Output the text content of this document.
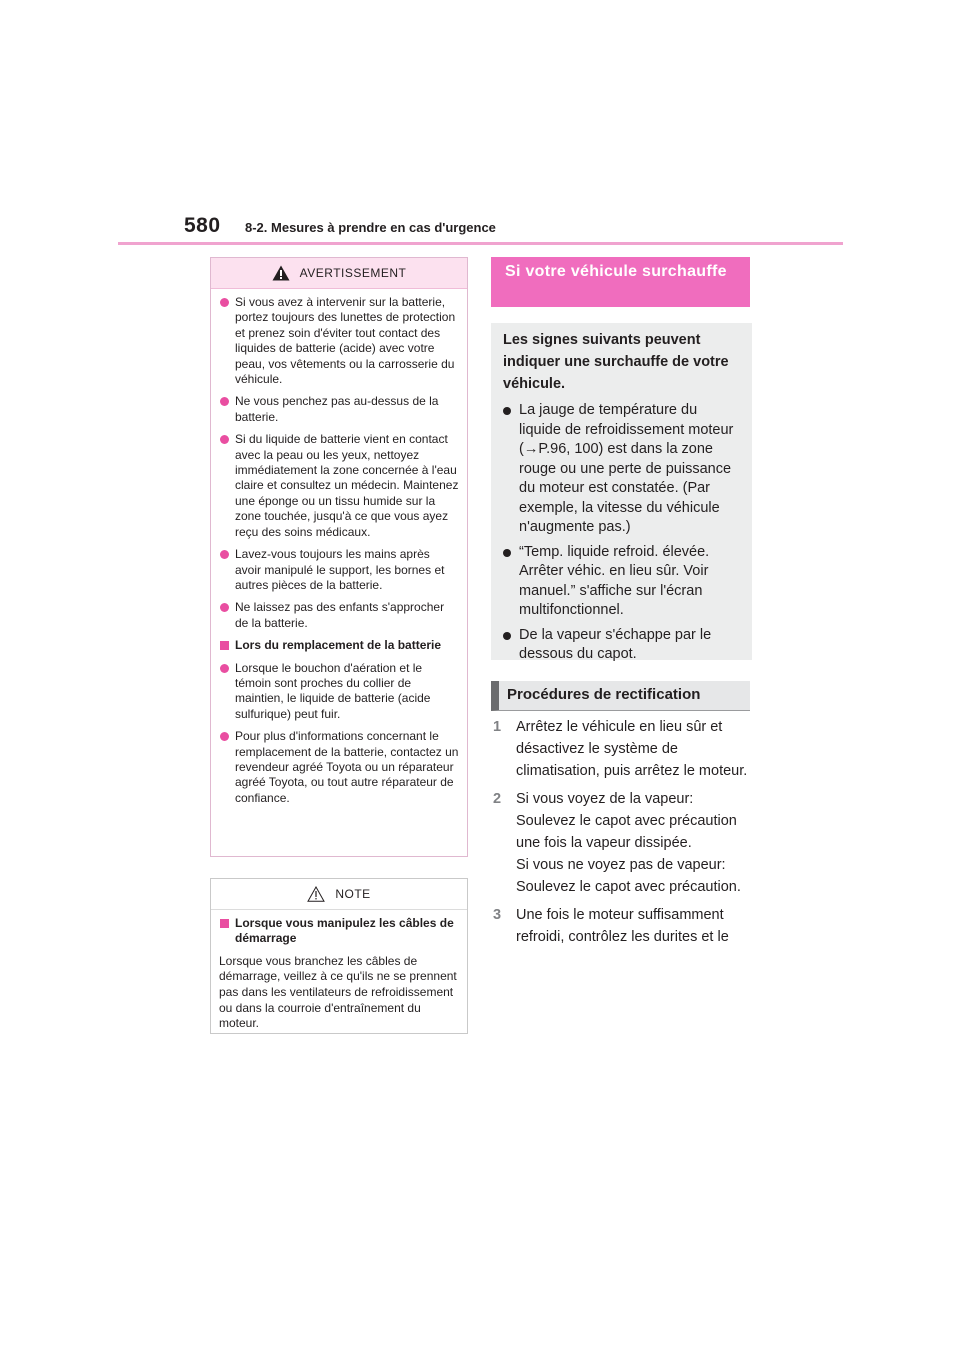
580 8-2. Mesures à prendre en cas d'urgence
AVERTISSEMENT
Si vous avez à intervenir sur la batterie, portez toujours des lunettes de protection et prenez soin d'éviter tout contact des liquides de batterie (acide) avec votre peau, vos vêtements ou la carrosserie du véhicule.
Ne vous penchez pas au-dessus de la batterie.
Si du liquide de batterie vient en contact avec la peau ou les yeux, nettoyez immédiatement la zone concernée à l'eau claire et consultez un médecin. Maintenez une éponge ou un tissu humide sur la zone touchée, jusqu'à ce que vous ayez reçu des soins médicaux.
Lavez-vous toujours les mains après avoir manipulé le support, les bornes et autres pièces de la batterie.
Ne laissez pas des enfants s'approcher de la batterie.
Lors du remplacement de la batterie
Lorsque le bouchon d'aération et le témoin sont proches du collier de maintien, le liquide de batterie (acide sulfurique) peut fuir.
Pour plus d'informations concernant le remplacement de la batterie, contactez un revendeur agréé Toyota ou un réparateur agréé Toyota, ou tout autre réparateur de confiance.
NOTE
Lorsque vous manipulez les câbles de démarrage
Lorsque vous branchez les câbles de démarrage, veillez à ce qu'ils ne se prennent pas dans les ventilateurs de refroidissement ou dans la courroie d'entraînement du moteur.
Si votre véhicule surchauffe
Les signes suivants peuvent indiquer une surchauffe de votre véhicule.
La jauge de température du liquide de refroidissement moteur (→P.96, 100) est dans la zone rouge ou une perte de puissance du moteur est constatée. (Par exemple, la vitesse du véhicule n'augmente pas.)
“Temp. liquide refroid. élevée. Arrêter véhic. en lieu sûr. Voir manuel.” s'affiche sur l'écran multifonctionnel.
De la vapeur s'échappe par le dessous du capot.
Procédures de rectification
1 Arrêtez le véhicule en lieu sûr et désactivez le système de climatisation, puis arrêtez le moteur.
2 Si vous voyez de la vapeur: Soulevez le capot avec précaution une fois la vapeur dissipée.
Si vous ne voyez pas de vapeur: Soulevez le capot avec précaution.
3 Une fois le moteur suffisamment refroidi, contrôlez les durites et le
